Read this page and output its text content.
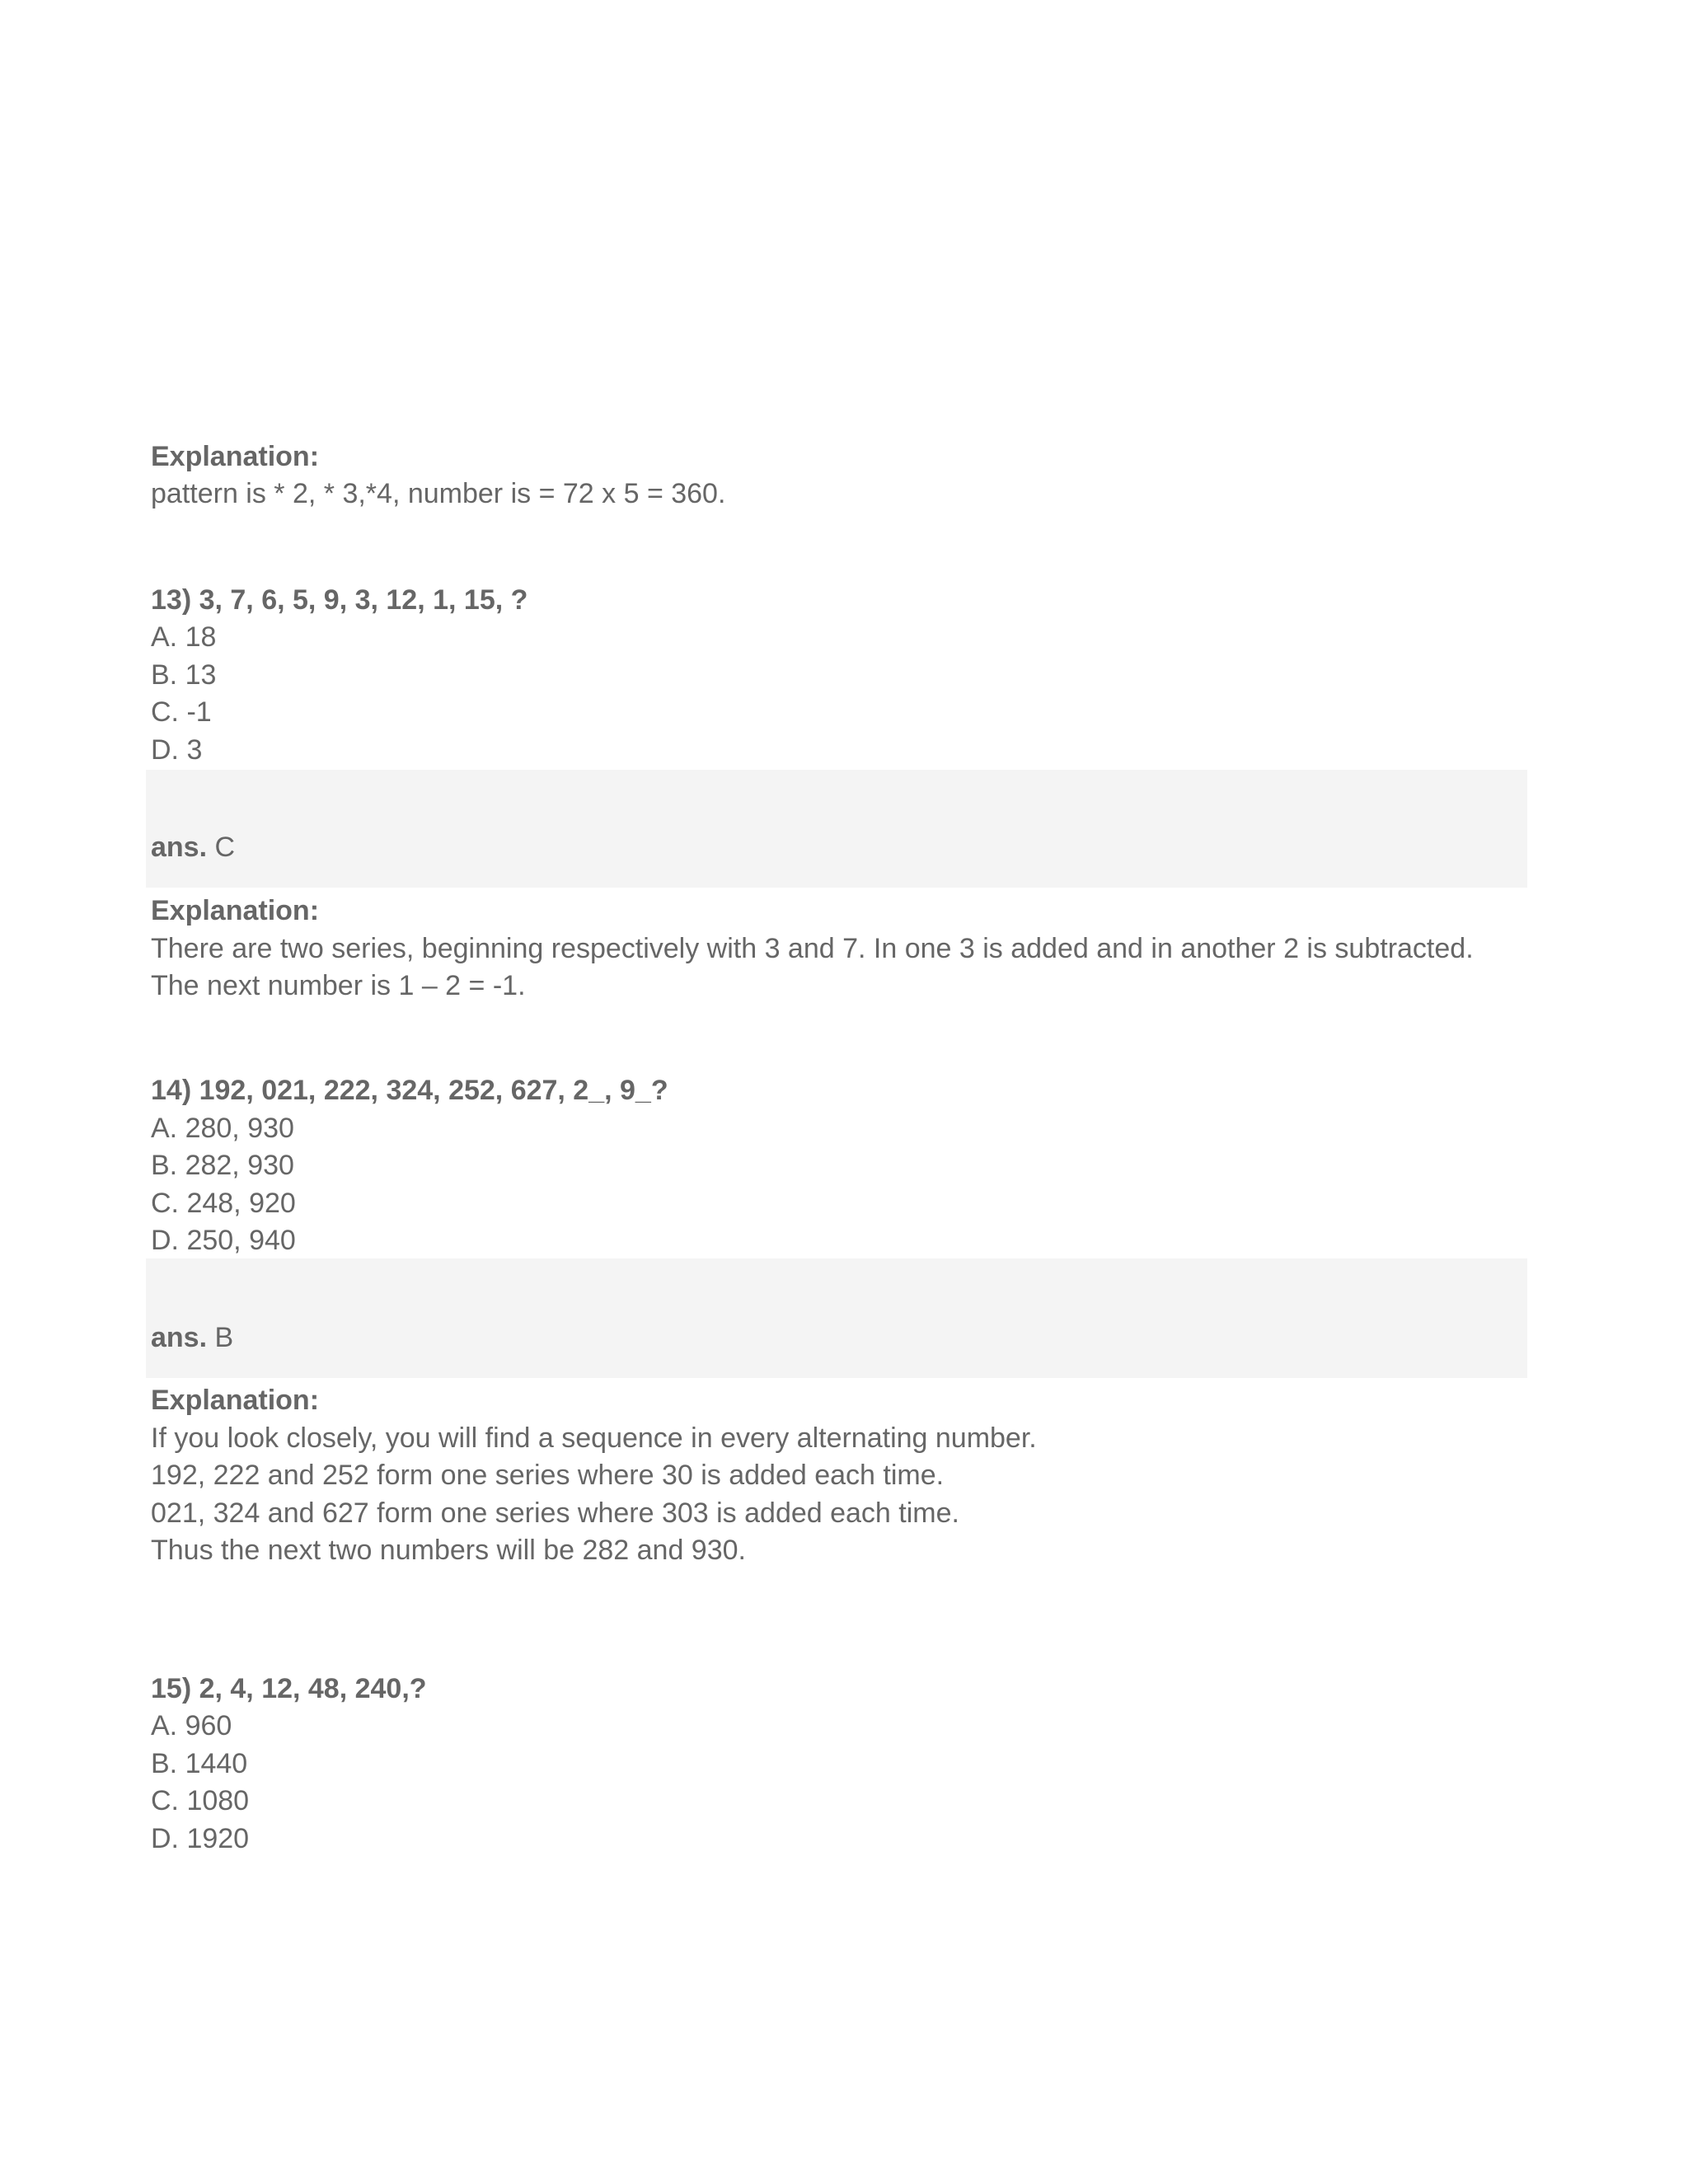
Explanation:
pattern is * 2, * 3,*4, number is = 72 x 5 = 360.
13) 3, 7, 6, 5, 9, 3, 12, 1, 15, ?
A. 18
B. 13
C. -1
D. 3
ans. C
Explanation:
There are two series, beginning respectively with 3 and 7. In one 3 is added and in another 2 is subtracted.
The next number is 1 – 2 = -1.
14) 192, 021, 222, 324, 252, 627, 2_, 9_?
A. 280, 930
B. 282, 930
C. 248, 920
D. 250, 940
ans. B
Explanation:
If you look closely, you will find a sequence in every alternating number.
192, 222 and 252 form one series where 30 is added each time.
021, 324 and 627 form one series where 303 is added each time.
Thus the next two numbers will be 282 and 930.
15) 2, 4, 12, 48, 240,?
A. 960
B. 1440
C. 1080
D. 1920
